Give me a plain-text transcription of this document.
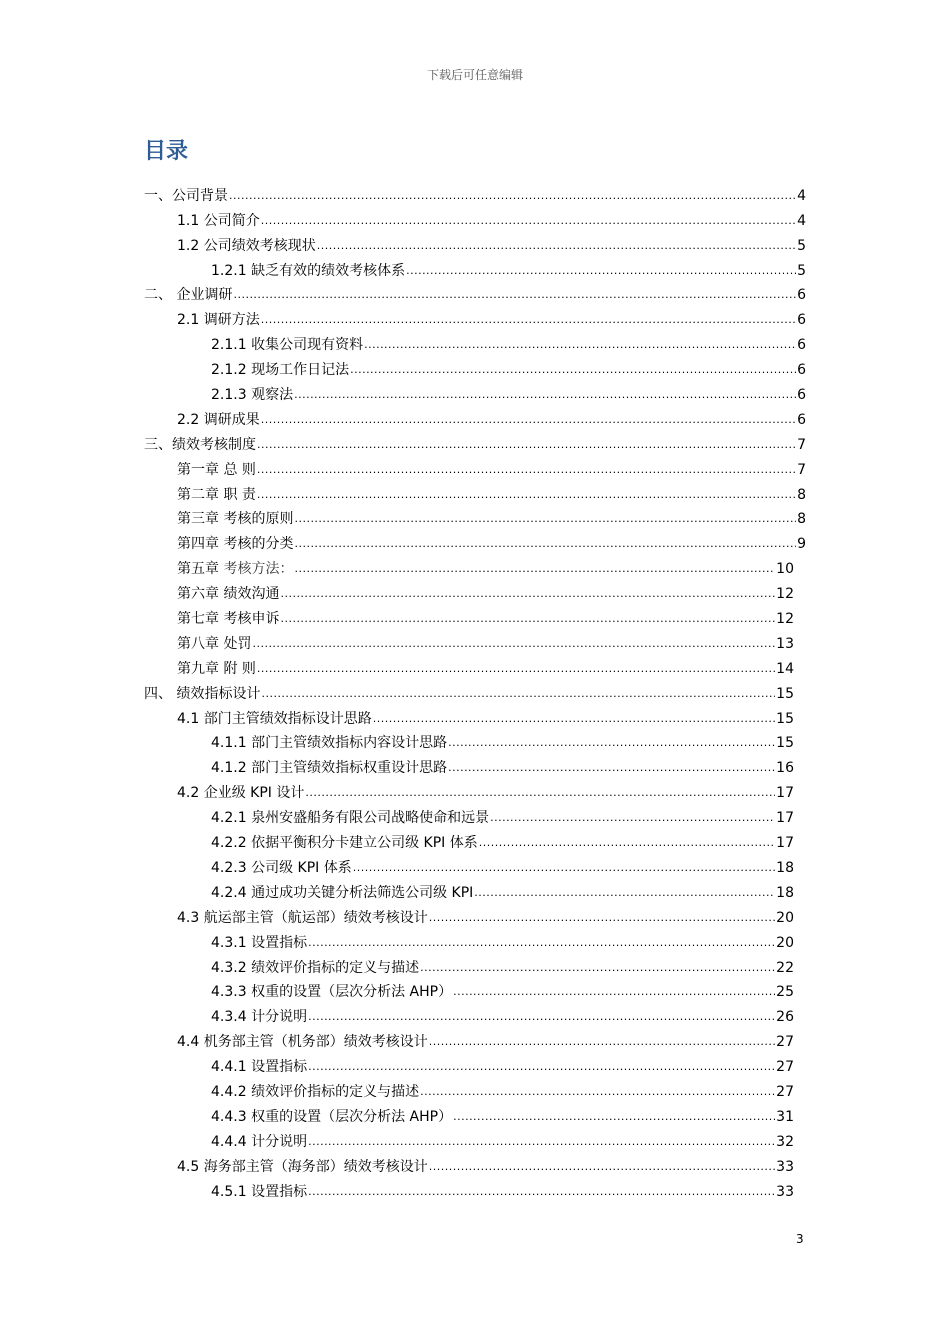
下载后可任意编辑
目录
一、公司背景 .....	4
1.1 公司简介 .....	4
1.2 公司绩效考核现状 .....	5
1.2.1 缺乏有效的绩效考核体系 .....	5
二、 企业调研 .....	6
2.1 调研方法 .....	6
2.1.1 收集公司现有资料 .....	6
2.1.2 现场工作日记法 .....	6
2.1.3 观察法 .....	6
2.2 调研成果 .....	6
三、绩效考核制度 .....	7
第一章 总 则 .....	7
第二章 职 责 .....	8
第三章 考核的原则 .....	8
第四章 考核的分类 .....	9
第五章 考核方法： .....	10
第六章 绩效沟通 .....	12
第七章 考核申诉 .....	12
第八章 处罚 .....	13
第九章 附 则 .....	14
四、 绩效指标设计 .....	15
4.1 部门主管绩效指标设计思路 .....	15
4.1.1 部门主管绩效指标内容设计思路 .....	15
4.1.2 部门主管绩效指标权重设计思路 .....	16
4.2 企业级 KPI 设计 .....	17
4.2.1 泉州安盛船务有限公司战略使命和远景 .....	17
4.2.2 依据平衡积分卡建立公司级 KPI 体系 .....	17
4.2.3 公司级 KPI 体系 .....	18
4.2.4 通过成功关键分析法筛选公司级 KPI .....	18
4.3 航运部主管（航运部）绩效考核设计 .....	20
4.3.1 设置指标 .....	20
4.3.2 绩效评价指标的定义与描述 .....	22
4.3.3 权重的设置（层次分析法 AHP） .....	25
4.3.4 计分说明 .....	26
4.4 机务部主管（机务部）绩效考核设计 .....	27
4.4.1 设置指标 .....	27
4.4.2 绩效评价指标的定义与描述 .....	27
4.4.3 权重的设置（层次分析法 AHP） .....	31
4.4.4 计分说明 .....	32
4.5 海务部主管（海务部）绩效考核设计 .....	33
4.5.1 设置指标 .....	33
3
